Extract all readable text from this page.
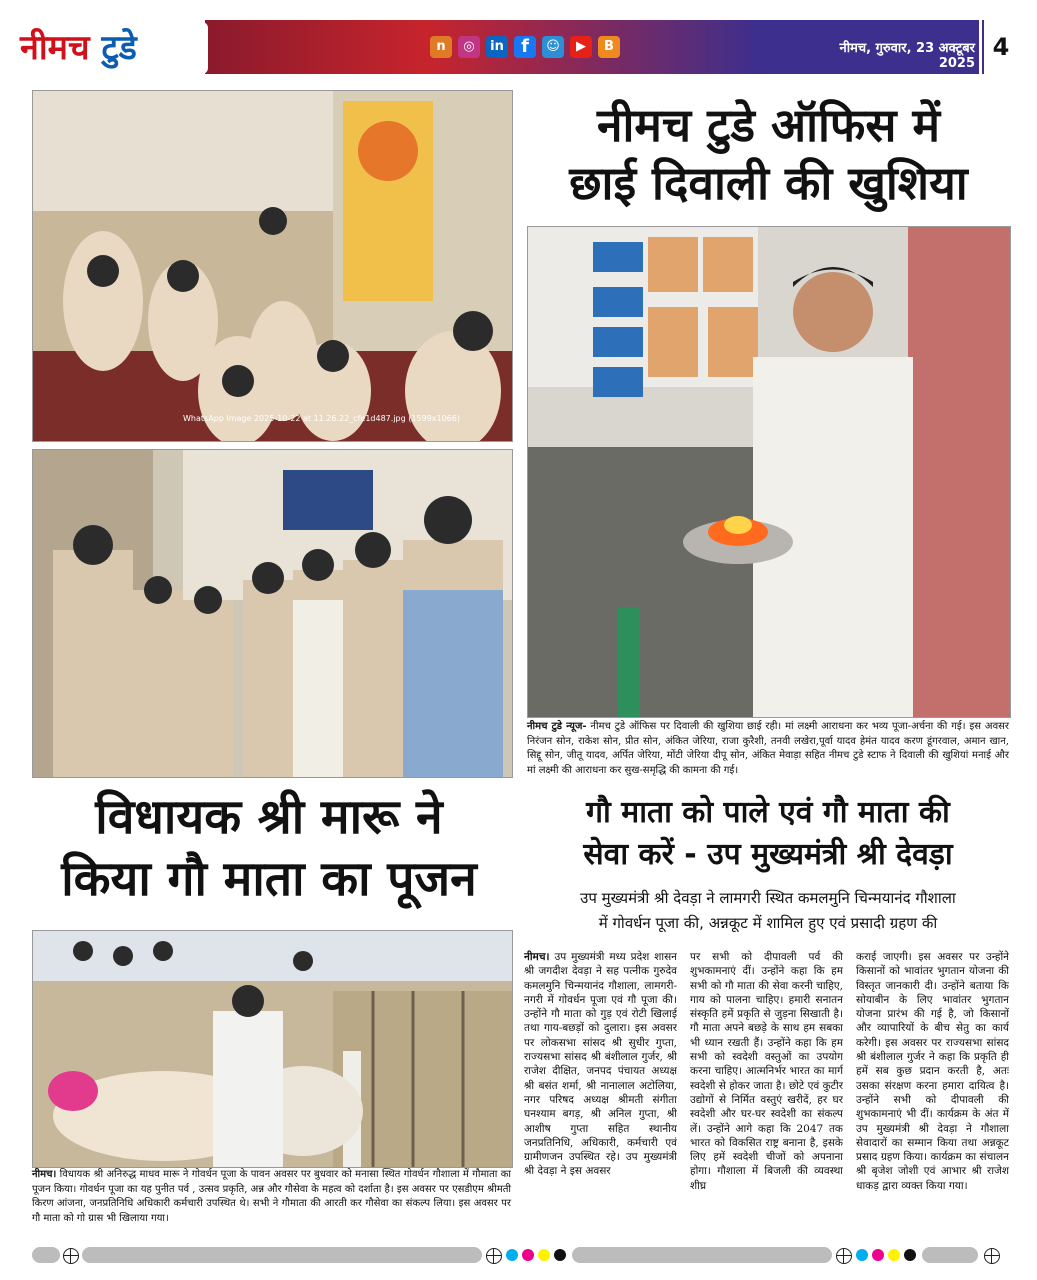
नीमच टुडे	n	◎	in f	☺	▶	B	नीमच, गुरुवार, 23 अक्टूबर 2025
4
WhatsApp Image 2025-10-22 at 11.26.22_cfe1d487.jpg (1599x1066)
नीमच टुडे ऑफिस में
छाई दिवाली की खुशिया
नीमच टुडे न्यूज- नीमच टुडे ऑफिस पर दिवाली की खुशिया छाई रही। मां लक्ष्मी आराधना कर भव्य पूजा-अर्चना की गई। इस अवसर निरंजन सोन, राकेश सोन, प्रीत सोन, अंकित जेरिया, राजा कुरैशी, तनवी लखेरा,पूर्वा यादव हेमंत यादव करण डूंगरवाल, अमान खान, सिद्दू सोन, जीतू यादव, अर्पित जेरिया, मोंटी जेरिया दीपू सोन, अंकित मेवाड़ा सहित नीमच टुडे स्टाफ ने दिवाली की खुशियां मनाई और मां लक्ष्मी की आराधना कर सुख-समृद्धि की कामना की गई।
विधायक श्री मारू ने
किया गौ माता का पूजन
नीमच। विधायक श्री अनिरुद्ध माधव मारू ने गोवर्धन पूजा के पावन अवसर पर बुधवार को मनासा स्थित गोवर्धन गौशाला में गौमाता का पूजन किया। गोवर्धन पूजा का यह पुनीत पर्व , उत्सव प्रकृति, अन्न और गौसेवा के महत्व को दर्शाता है। इस अवसर पर एसडीएम श्रीमती किरण आंजना, जनप्रतिनिधि अधिकारी कर्मचारी उपस्थित थे। सभी ने गौमाता की आरती कर गौसेवा का संकल्प लिया। इस अवसर पर गौ माता को गो ग्रास भी खिलाया गया।
गौ माता को पाले एवं गौ माता की
सेवा करें - उप मुख्यमंत्री श्री देवड़ा
उप मुख्यमंत्री श्री देवड़ा ने लामगरी स्थित कमलमुनि चिन्मयानंद गौशाला
में गोवर्धन पूजा की, अन्नकूट में शामिल हुए एवं प्रसादी ग्रहण की
नीमच। उप मुख्यमंत्री मध्य प्रदेश शासन श्री जगदीश देवड़ा ने सह पत्नीक गुरुदेव कमलमुनि चिन्मयानंद गौशाला, लामगरी-नगरी में गोवर्धन पूजा एवं गौ पूजा की। उन्होंने गौ माता को गुड़ एवं रोटी खिलाई तथा गाय-बछड़ों को दुलारा। इस अवसर पर लोकसभा सांसद श्री सुधीर गुप्ता, राज्यसभा सांसद श्री बंशीलाल गुर्जर, श्री राजेश दीक्षित, जनपद पंचायत अध्यक्ष श्री बसंत शर्मा, श्री नानालाल अटोलिया, नगर परिषद अध्यक्ष श्रीमती संगीता घनश्याम बगड़, श्री अनिल गुप्ता, श्री आशीष गुप्ता सहित स्थानीय जनप्रतिनिधि, अधिकारी, कर्मचारी एवं ग्रामीणजन उपस्थित रहे। उप मुख्यमंत्री श्री देवड़ा ने इस अवसर
पर सभी को दीपावली पर्व की शुभकामनाएं दीं। उन्होंने कहा कि हम सभी को गौ माता की सेवा करनी चाहिए, गाय को पालना चाहिए। हमारी सनातन संस्कृति हमें प्रकृति से जुड़ना सिखाती है। गौ माता अपने बछड़े के साथ हम सबका भी ध्यान रखती हैं। उन्होंने कहा कि हम सभी को स्वदेशी वस्तुओं का उपयोग करना चाहिए। आत्मनिर्भर भारत का मार्ग स्वदेशी से होकर जाता है। छोटे एवं कुटीर उद्योगों से निर्मित वस्तुएं खरीदें, हर घर स्वदेशी और घर-घर स्वदेशी का संकल्प लें। उन्होंने आगे कहा कि 2047 तक भारत को विकसित राष्ट्र बनाना है, इसके लिए हमें स्वदेशी चीजों को अपनाना होगा। गौशाला में बिजली की व्यवस्था शीघ्र
कराई जाएगी। इस अवसर पर उन्होंने किसानों को भावांतर भुगतान योजना की विस्तृत जानकारी दी। उन्होंने बताया कि सोयाबीन के लिए भावांतर भुगतान योजना प्रारंभ की गई है, जो किसानों और व्यापारियों के बीच सेतु का कार्य करेगी। इस अवसर पर राज्यसभा सांसद श्री बंशीलाल गुर्जर ने कहा कि प्रकृति ही हमें सब कुछ प्रदान करती है, अतः उसका संरक्षण करना हमारा दायित्व है। उन्होंने सभी को दीपावली की शुभकामनाएं भी दीं। कार्यक्रम के अंत में उप मुख्यमंत्री श्री देवड़ा ने गौशाला सेवादारों का सम्मान किया तथा अन्नकूट प्रसाद ग्रहण किया। कार्यक्रम का संचालन श्री बृजेश जोशी एवं आभार श्री राजेश धाकड़ द्वारा व्यक्त किया गया।
